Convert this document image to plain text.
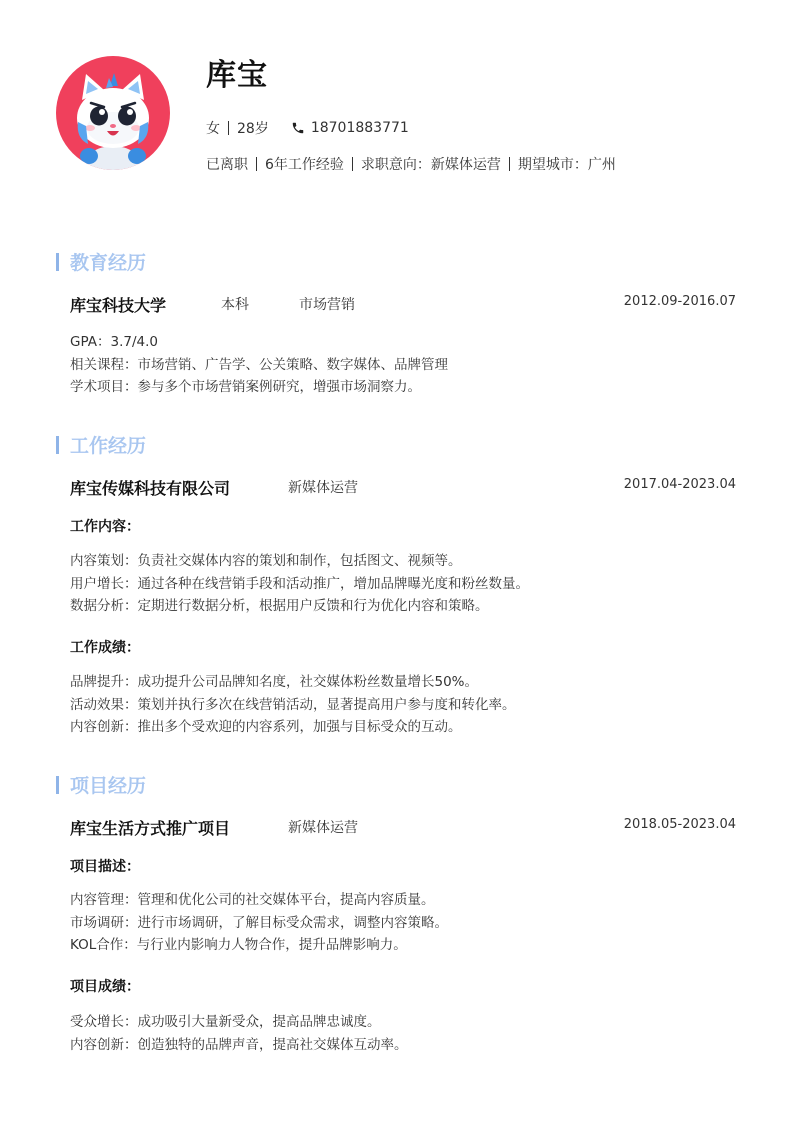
库宝
女 28岁	18701883771
已离职 6年工作经验 求职意向：新媒体运营 期望城市：广州
教育经历
库宝科技大学	本科	市场营销	2012.09-2016.07
GPA：3.7/4.0
相关课程：市场营销、广告学、公关策略、数字媒体、品牌管理
学术项目：参与多个市场营销案例研究，增强市场洞察力。
工作经历
库宝传媒科技有限公司	新媒体运营	2017.04-2023.04
工作内容：
内容策划：负责社交媒体内容的策划和制作，包括图文、视频等。
用户增长：通过各种在线营销手段和活动推广，增加品牌曝光度和粉丝数量。
数据分析：定期进行数据分析，根据用户反馈和行为优化内容和策略。
工作成绩：
品牌提升：成功提升公司品牌知名度，社交媒体粉丝数量增长50%。
活动效果：策划并执行多次在线营销活动，显著提高用户参与度和转化率。
内容创新：推出多个受欢迎的内容系列，加强与目标受众的互动。
项目经历
库宝生活方式推广项目	新媒体运营	2018.05-2023.04
项目描述：
内容管理：管理和优化公司的社交媒体平台，提高内容质量。
市场调研：进行市场调研，了解目标受众需求，调整内容策略。
KOL合作：与行业内影响力人物合作，提升品牌影响力。
项目成绩：
受众增长：成功吸引大量新受众，提高品牌忠诚度。
内容创新：创造独特的品牌声音，提高社交媒体互动率。
